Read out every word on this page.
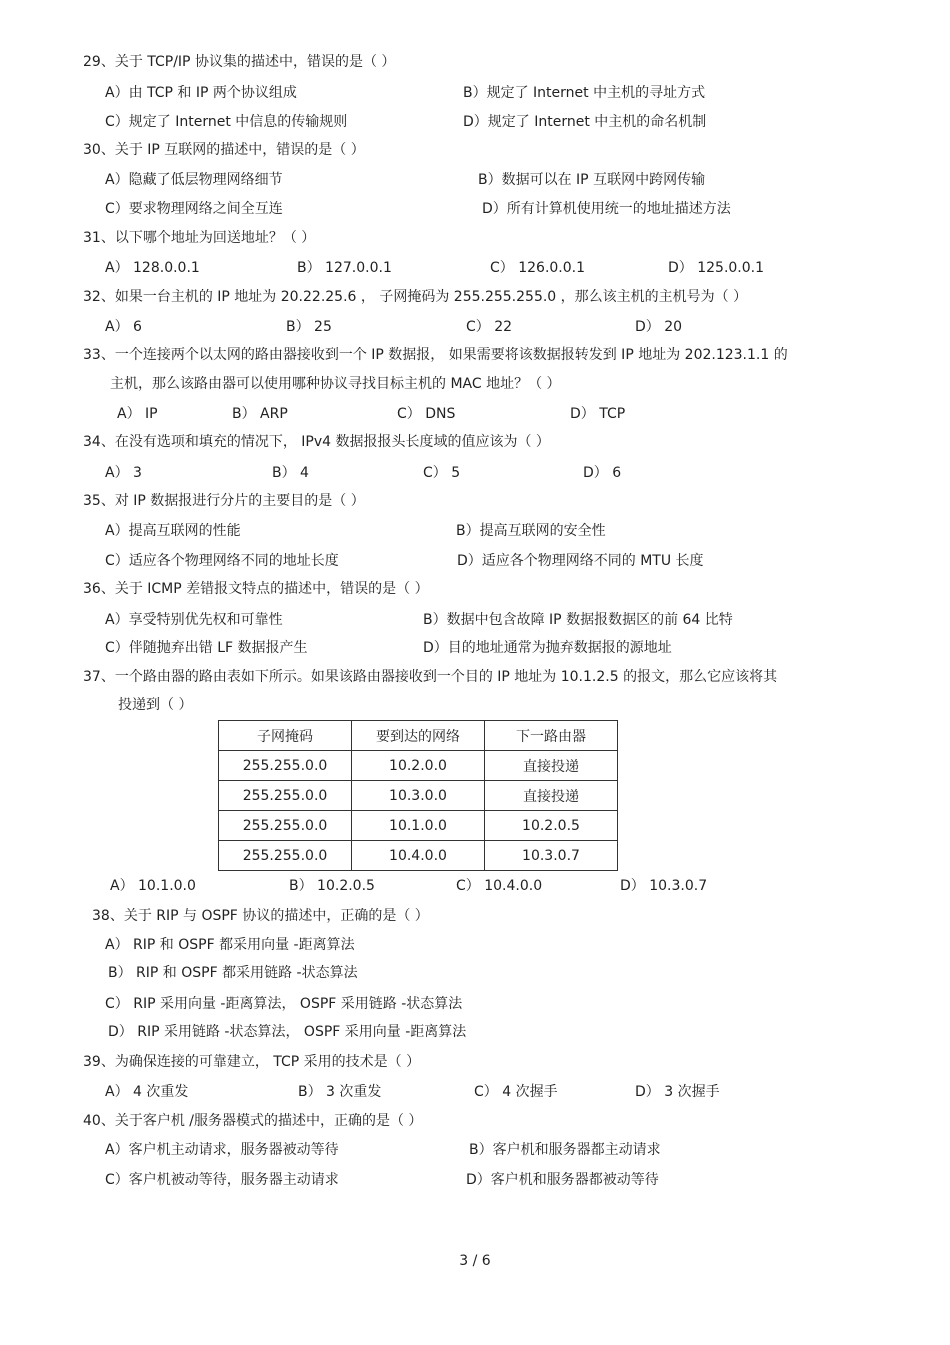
29、关于 TCP/IP 协议集的描述中，错误的是（ ）
A）由 TCP 和 IP 两个协议组成	B）规定了 Internet 中主机的寻址方式
C）规定了 Internet 中信息的传输规则	D）规定了 Internet 中主机的命名机制
30、关于 IP 互联网的描述中，错误的是（ ）
A）隐藏了低层物理网络细节	B）数据可以在 IP 互联网中跨网传输
C）要求物理网络之间全互连	D）所有计算机使用统一的地址描述方法
31、以下哪个地址为回送地址？（ ）
A） 128.0.0.1	B） 127.0.0.1	C） 126.0.0.1	D） 125.0.0.1
32、如果一台主机的 IP 地址为 20.22.25.6 ， 子网掩码为 255.255.255.0 ，那么该主机的主机号为（ ）
A） 6	B） 25	C） 22	D） 20
33、一个连接两个以太网的路由器接收到一个 IP 数据报， 如果需要将该数据报转发到 IP 地址为 202.123.1.1 的
主机，那么该路由器可以使用哪种协议寻找目标主机的 MAC 地址？（ ）
A） IP	B） ARP	C） DNS	D） TCP
34、在没有选项和填充的情况下， IPv4 数据报报头长度域的值应该为（ ）
A） 3	B） 4	C） 5	D） 6
35、对 IP 数据报进行分片的主要目的是（ ）
A）提高互联网的性能	B）提高互联网的安全性
C）适应各个物理网络不同的地址长度	D）适应各个物理网络不同的 MTU 长度
36、关于 ICMP 差错报文特点的描述中，错误的是（ ）
A）享受特别优先权和可靠性	B）数据中包含故障 IP 数据报数据区的前 64 比特
C）伴随抛弃出错 LF 数据报产生	D）目的地址通常为抛弃数据报的源地址
37、一个路由器的路由表如下所示。如果该路由器接收到一个目的 IP 地址为 10.1.2.5 的报文，那么它应该将其
投递到（ ）
子网掩码	要到达的网络	下一路由器
255.255.0.0	10.2.0.0	直接投递
255.255.0.0	10.3.0.0	直接投递
255.255.0.0	10.1.0.0	10.2.0.5
255.255.0.0	10.4.0.0	10.3.0.7
A） 10.1.0.0	B） 10.2.0.5	C） 10.4.0.0	D） 10.3.0.7
38、关于 RIP 与 OSPF 协议的描述中，正确的是（ ）
A） RIP 和 OSPF 都采用向量 -距离算法
B） RIP 和 OSPF 都采用链路 -状态算法
C） RIP 采用向量 -距离算法， OSPF 采用链路 -状态算法
D） RIP 采用链路 -状态算法， OSPF 采用向量 -距离算法
39、为确保连接的可靠建立， TCP 采用的技术是（ ）
A） 4 次重发	B） 3 次重发	C） 4 次握手	D） 3 次握手
40、关于客户机 /服务器模式的描述中，正确的是（ ）
A）客户机主动请求，服务器被动等待	B）客户机和服务器都主动请求
C）客户机被动等待，服务器主动请求	D）客户机和服务器都被动等待
3 / 6
